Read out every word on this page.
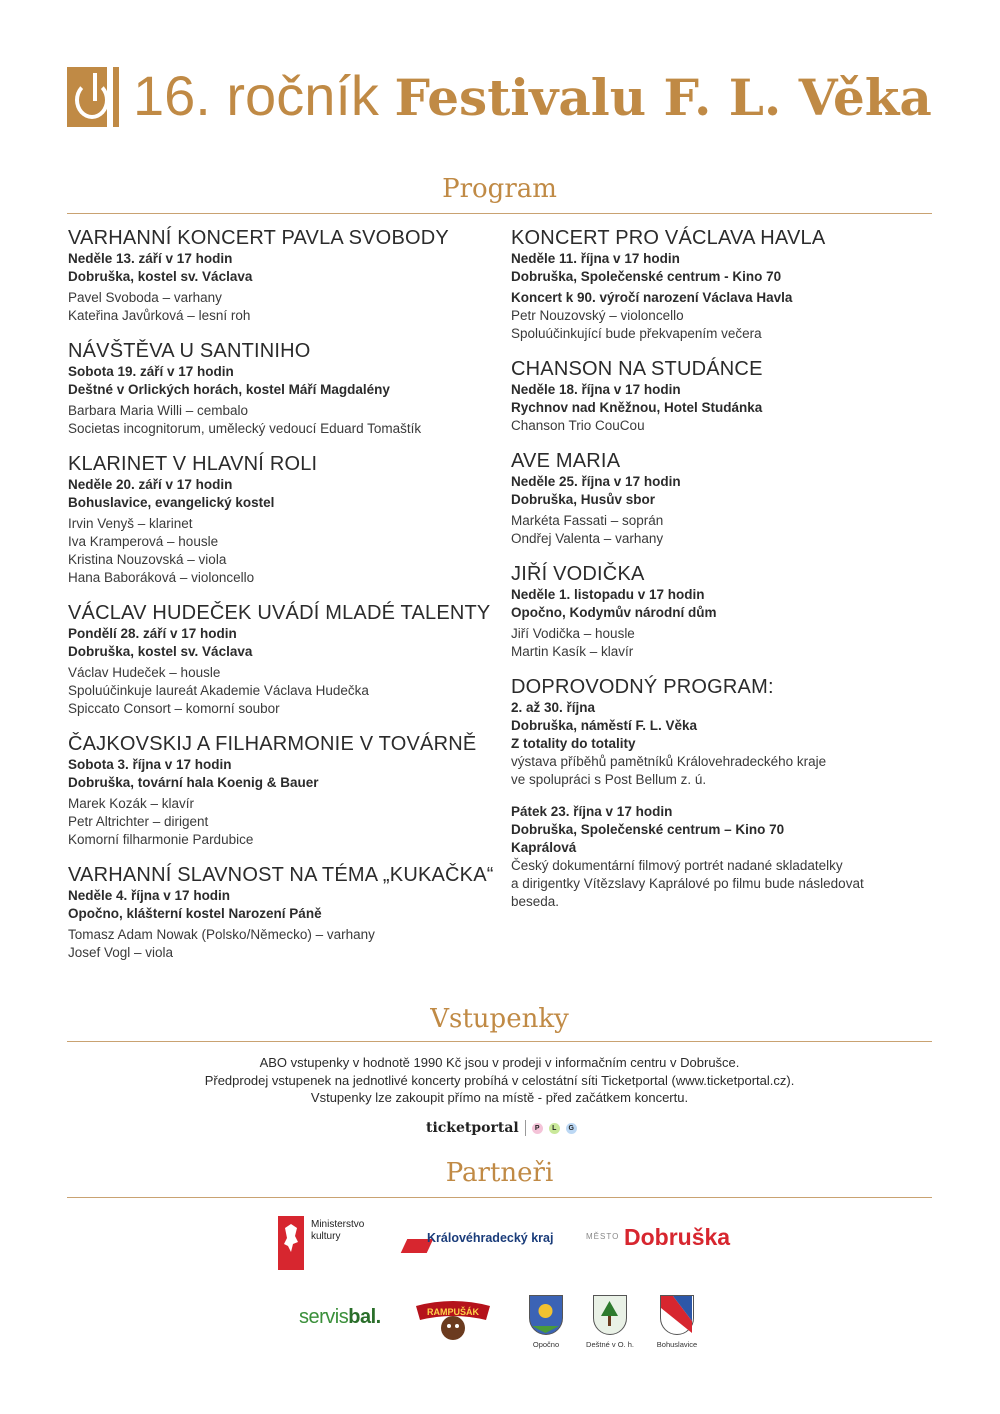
16. ročník Festivalu F. L. Věka
Program
VARHANNÍ KONCERT PAVLA SVOBODY
Neděle 13. září v 17 hodin
Dobruška, kostel sv. Václava
Pavel Svoboda – varhany
Kateřina Javůrková – lesní roh
NÁVŠTĚVA U SANTINIHO
Sobota 19. září v 17 hodin
Deštné v Orlických horách, kostel Máří Magdalény
Barbara Maria Willi – cembalo
Societas incognitorum, umělecký vedoucí Eduard Tomaštík
KLARINET V HLAVNÍ ROLI
Neděle 20. září v 17 hodin
Bohuslavice, evangelický kostel
Irvin Venyš – klarinet
Iva Kramperová – housle
Kristina Nouzovská – viola
Hana Baboráková – violoncello
VÁCLAV HUDEČEK UVÁDÍ MLADÉ TALENTY
Pondělí 28. září v 17 hodin
Dobruška, kostel sv. Václava
Václav Hudeček – housle
Spoluúčinkuje laureát Akademie Václava Hudečka
Spiccato Consort – komorní soubor
ČAJKOVSKIJ A FILHARMONIE V TOVÁRNĚ
Sobota 3. října v 17 hodin
Dobruška, tovární hala Koenig & Bauer
Marek Kozák – klavír
Petr Altrichter – dirigent
Komorní filharmonie Pardubice
VARHANNÍ SLAVNOST NA TÉMA „KUKAČKA“
Neděle 4. října v 17 hodin
Opočno, klášterní kostel Narození Páně
Tomasz Adam Nowak (Polsko/Německo) – varhany
Josef Vogl – viola
KONCERT PRO VÁCLAVA HAVLA
Neděle 11. října v 17 hodin
Dobruška, Společenské centrum - Kino 70
Koncert k 90. výročí narození Václava Havla
Petr Nouzovský – violoncello
Spoluúčinkující bude překvapením večera
CHANSON NA STUDÁNCE
Neděle 18. října v 17 hodin
Rychnov nad Kněžnou, Hotel Studánka
Chanson Trio CouCou
AVE MARIA
Neděle 25. října v 17 hodin
Dobruška, Husův sbor
Markéta Fassati – soprán
Ondřej Valenta – varhany
JIŘÍ VODIČKA
Neděle 1. listopadu v 17 hodin
Opočno, Kodymův národní dům
Jiří Vodička – housle
Martin Kasík – klavír
DOPROVODNÝ PROGRAM:
2. až 30. října
Dobruška, náměstí F. L. Věka
Z totality do totality
výstava příběhů pamětníků Královehradeckého kraje
ve spolupráci s Post Bellum z. ú.
Pátek 23. října v 17 hodin
Dobruška, Společenské centrum – Kino 70
Kaprálová
Český dokumentární filmový portrét nadané skladatelky
a dirigentky Vítězslavy Kaprálové po filmu bude následovat
beseda.
Vstupenky
ABO vstupenky v hodnotě 1990 Kč jsou v prodeji v informačním centru v Dobrušce.
Předprodej vstupenek na jednotlivé koncerty probíhá v celostátní síti Ticketportal (www.ticketportal.cz).
Vstupenky lze zakoupit přímo na místě - před začátkem koncertu.
ticketportal	P	L	G
Partneři
Ministerstvo
kultury	Královéhradecký kraj	MĚSTO Dobruška
servisbal.	RAMPUŠÁK
Opočno	Deštné v O. h.	Bohuslavice
